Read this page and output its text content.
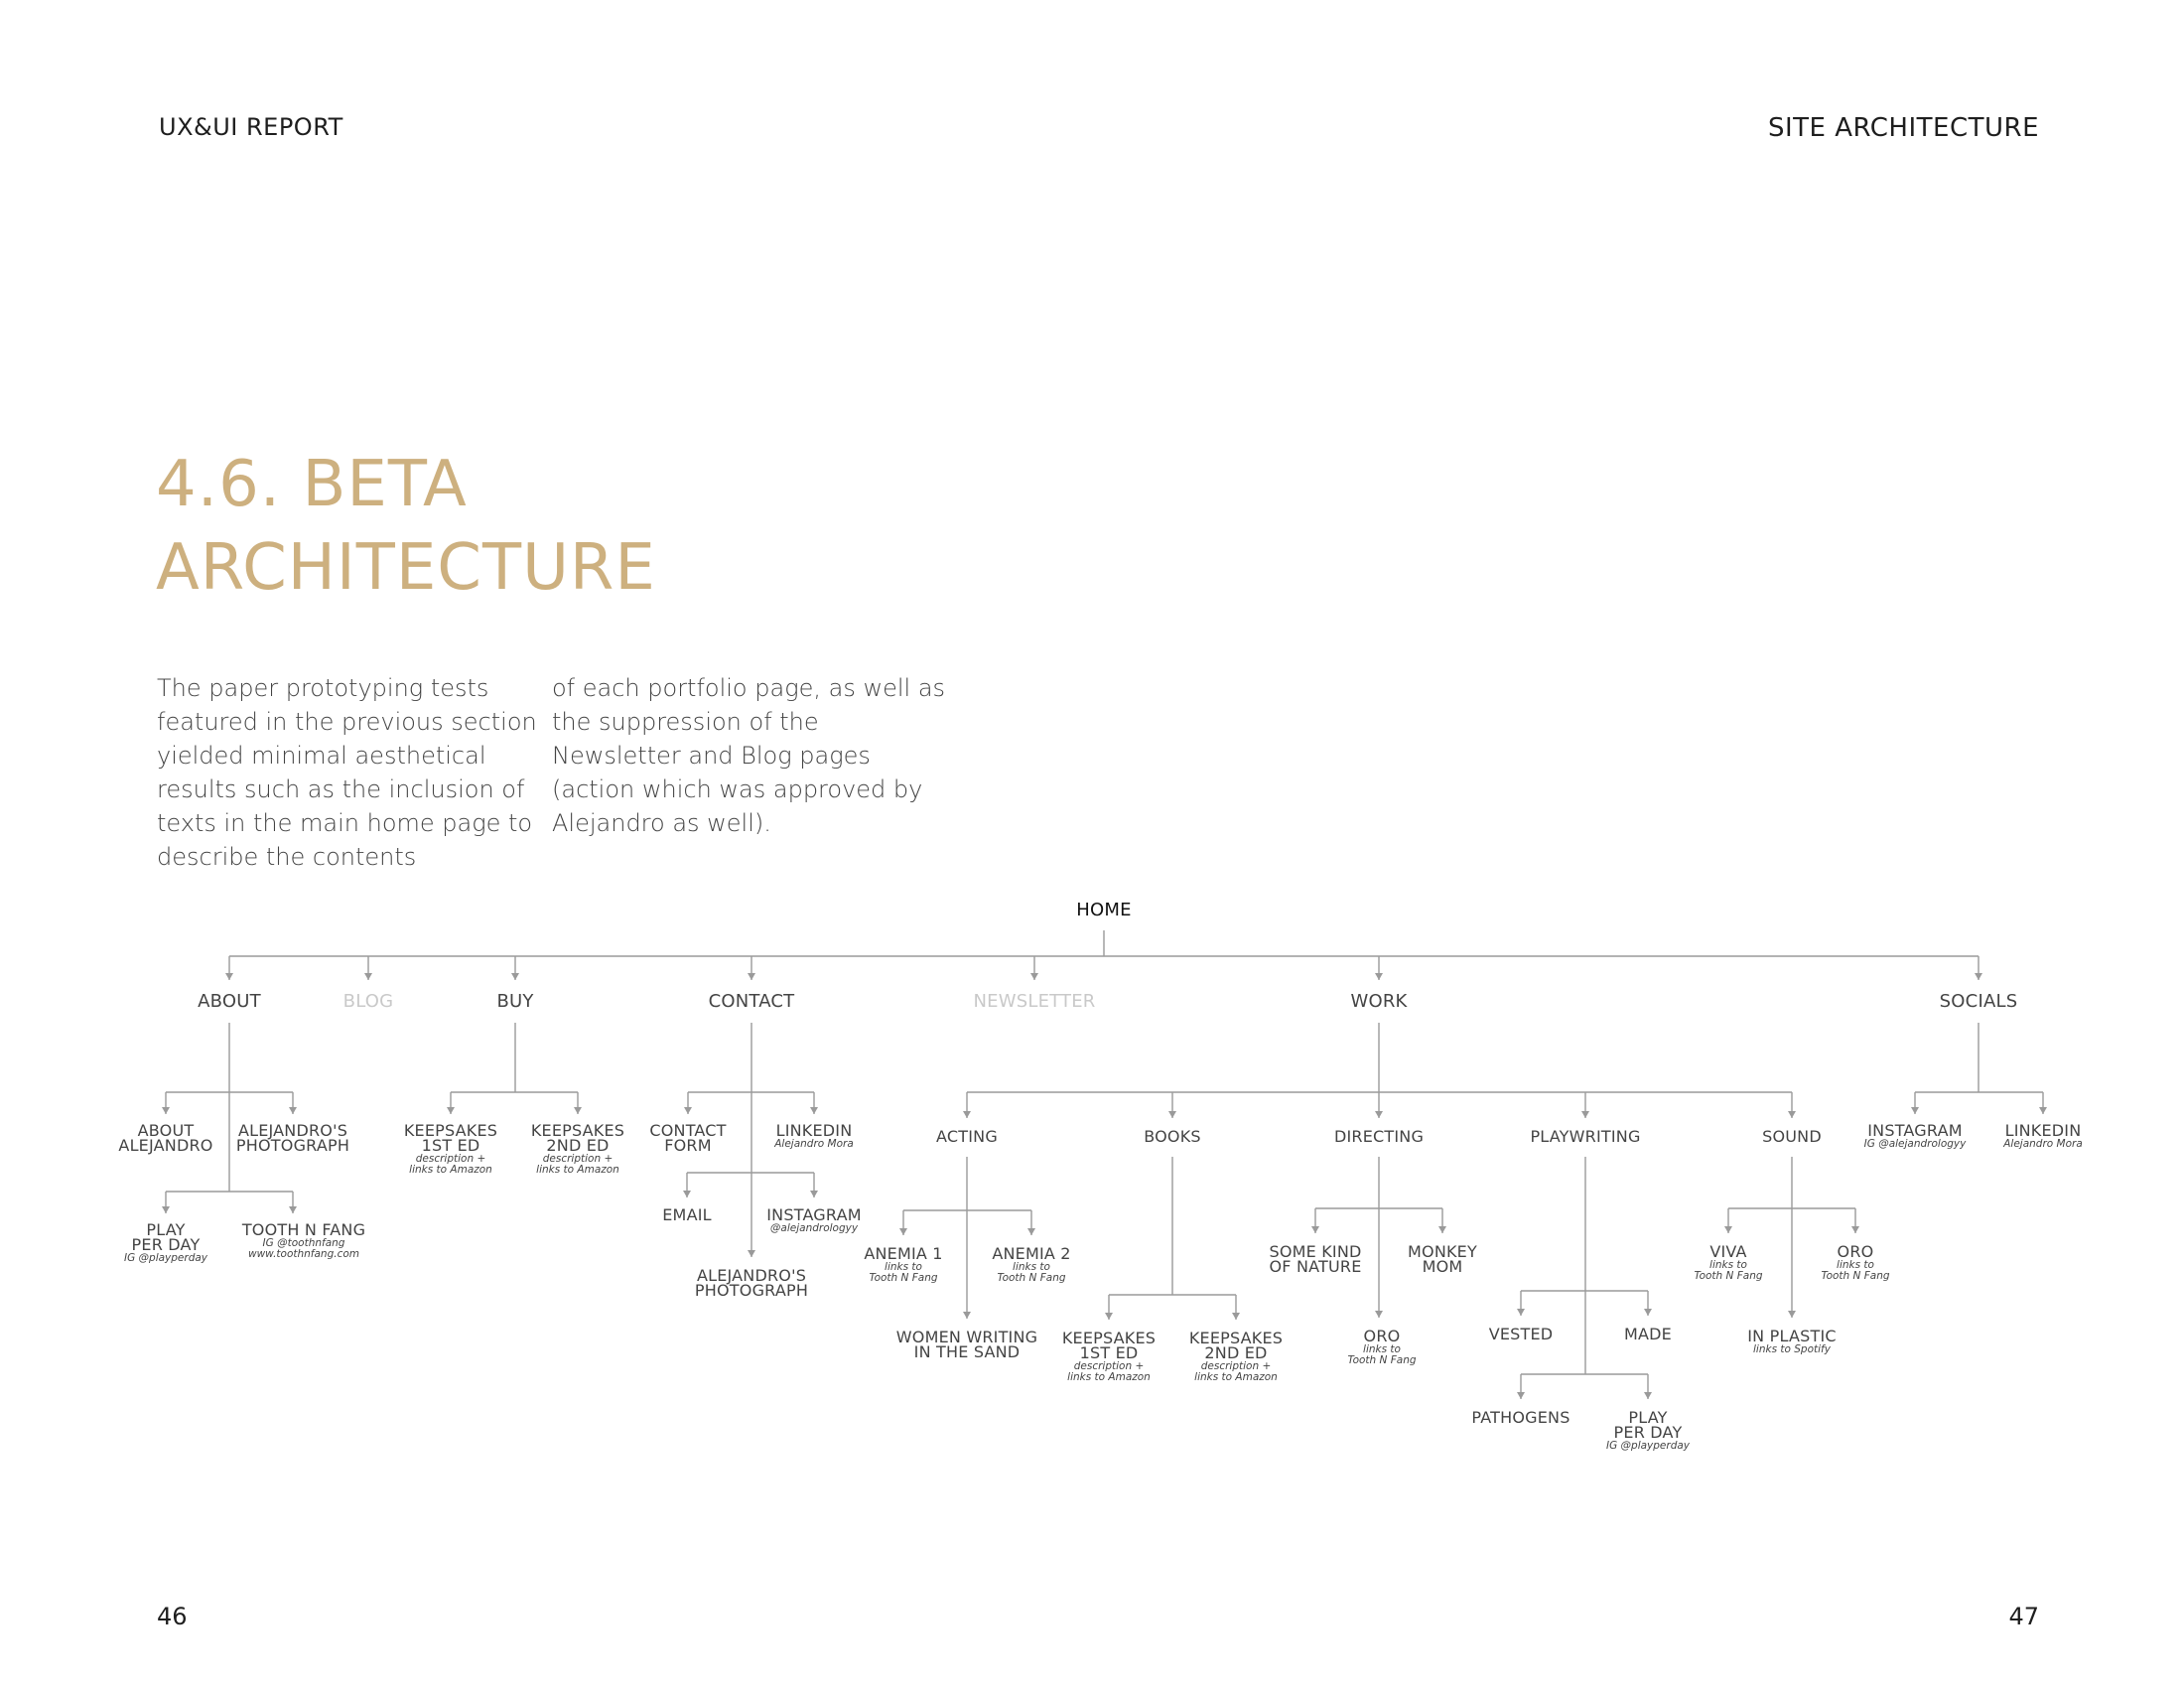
UX&UI REPORT	SITE ARCHITECTURE
4.6. BETA
ARCHITECTURE
The paper prototyping tests featured in the previous section yielded minimal aesthetical results such as the inclusion of texts in the main home page to describe the contents
of each portfolio page, as well as the suppression of the Newsletter and Blog pages (action which was approved by Alejandro as well).
HOME
ABOUT	BLOG	BUY	CONTACT	NEWSLETTER	WORK	SOCIALS
ABOUT
ALEJANDRO
ALEJANDRO'S
PHOTOGRAPH
PLAY
PER DAY
IG @playperday
TOOTH N FANG
IG @toothnfang
www.toothnfang.com
KEEPSAKES
1ST ED
description +
links to Amazon
KEEPSAKES
2ND ED
description +
links to Amazon
CONTACT
FORM
LINKEDIN
Alejandro Mora
EMAIL	INSTAGRAM
@alejandrologyy
ALEJANDRO'S
PHOTOGRAPH
ACTING	BOOKS	DIRECTING	PLAYWRITING	SOUND
ANEMIA 1
links to
Tooth N Fang
ANEMIA 2
links to
Tooth N Fang
WOMEN WRITING
IN THE SAND
KEEPSAKES
1ST ED
description +
links to Amazon
KEEPSAKES
2ND ED
description +
links to Amazon
SOME KIND
OF NATURE
MONKEY
MOM
ORO
links to
Tooth N Fang
VESTED	MADE
PATHOGENS	PLAY
PER DAY
IG @playperday
VIVA
links to
Tooth N Fang
ORO
links to
Tooth N Fang
IN PLASTIC
links to Spotify
INSTAGRAM
IG @alejandrologyy
LINKEDIN
Alejandro Mora
46	47
